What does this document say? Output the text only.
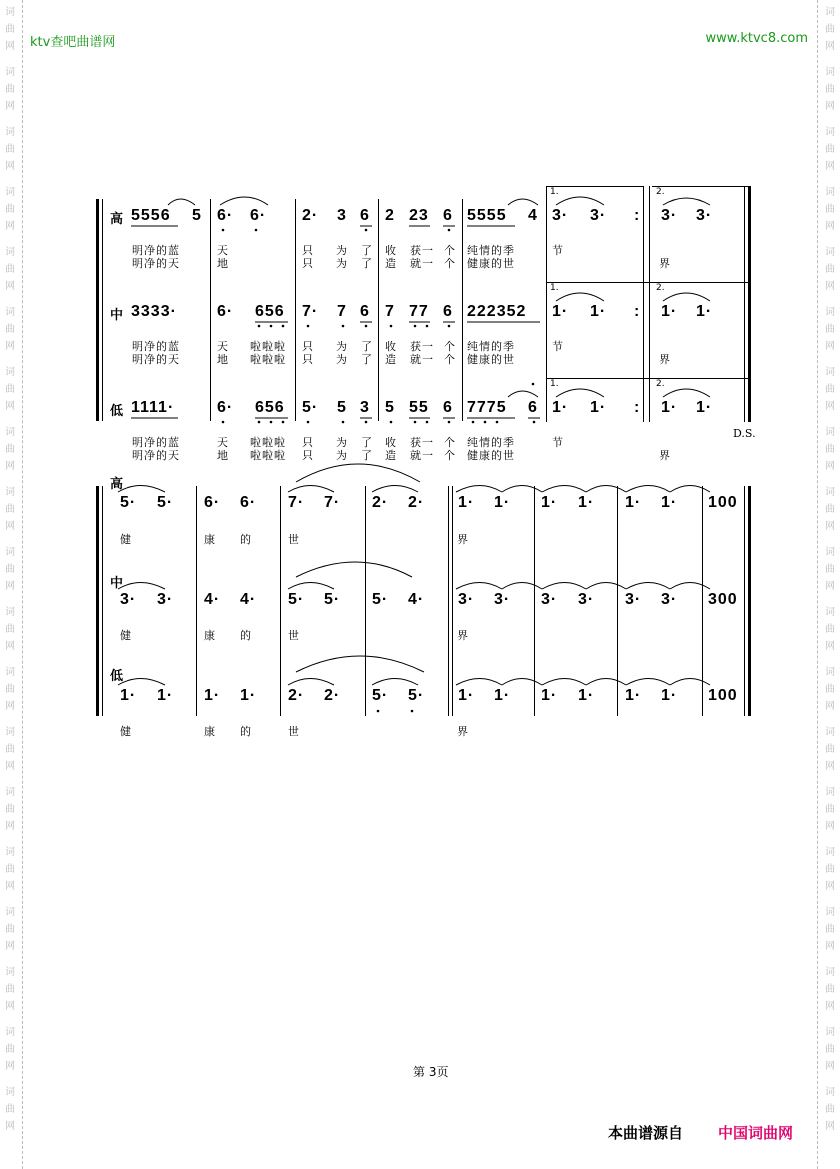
词
曲
网
词
曲
网
词
曲
网
词
曲
网
词
曲
网
词
曲
网
词
曲
网
词
曲
网
词
曲
网
词
曲
网
词
曲
网
词
曲
网
词
曲
网
词
曲
网
词
曲
网
词
曲
网
词
曲
网
词
曲
网
词
曲
网
词
曲
网
词
曲
网
词
曲
网
词
曲
网
词
曲
网
词
曲
网
词
曲
网
词
曲
网
词
曲
网
词
曲
网
词
曲
网
词
曲
网
词
曲
网
词
曲
网
词
曲
网
词
曲
网
词
曲
网
词
曲
网
词
曲
网
ktv查吧曲谱网	www.ktvc8.com
1.	2.
1.	2.
1.	2.
高
中
低
5556 5 6· 6· 2· 3 6 2 23 6 5555 4 3· 3· : 3· 3·
明净的蓝	天	只 为 了 收 获一 个 纯情的季	节
明净的天	地	只 为 了 造 就一 个 健康的世	界
3333·	6· 656 7· 7 6 7 77 6 222352 1· 1· : 1· 1·
明净的蓝	天 啦啦啦 只 为 了 收 获一 个 纯情的季	节
明净的天	地 啦啦啦 只 为 了 造 就一 个 健康的世	界
1111·	6· 656 5· 5 3 5 55 6 7775 6 1· 1· : 1· 1·
明净的蓝	天 啦啦啦 只 为 了 收 获一 个 纯情的季	节
明净的天	地 啦啦啦 只 为 了 造 就一 个 健康的世	界
D.S.
高
中
低
5· 5· 6· 6· 7· 7· 2· 2· 1· 1· 1· 1· 1· 1· 100
3· 3· 4· 4· 5· 5· 5· 4· 3· 3· 3· 3· 3· 3· 300
1· 1· 1· 1· 2· 2· 5· 5· 1· 1· 1· 1· 1· 1· 100
健	康 的	世	界
健	康 的	世	界
健	康 的	世	界
第 3页
本曲谱源自 中国词曲网
